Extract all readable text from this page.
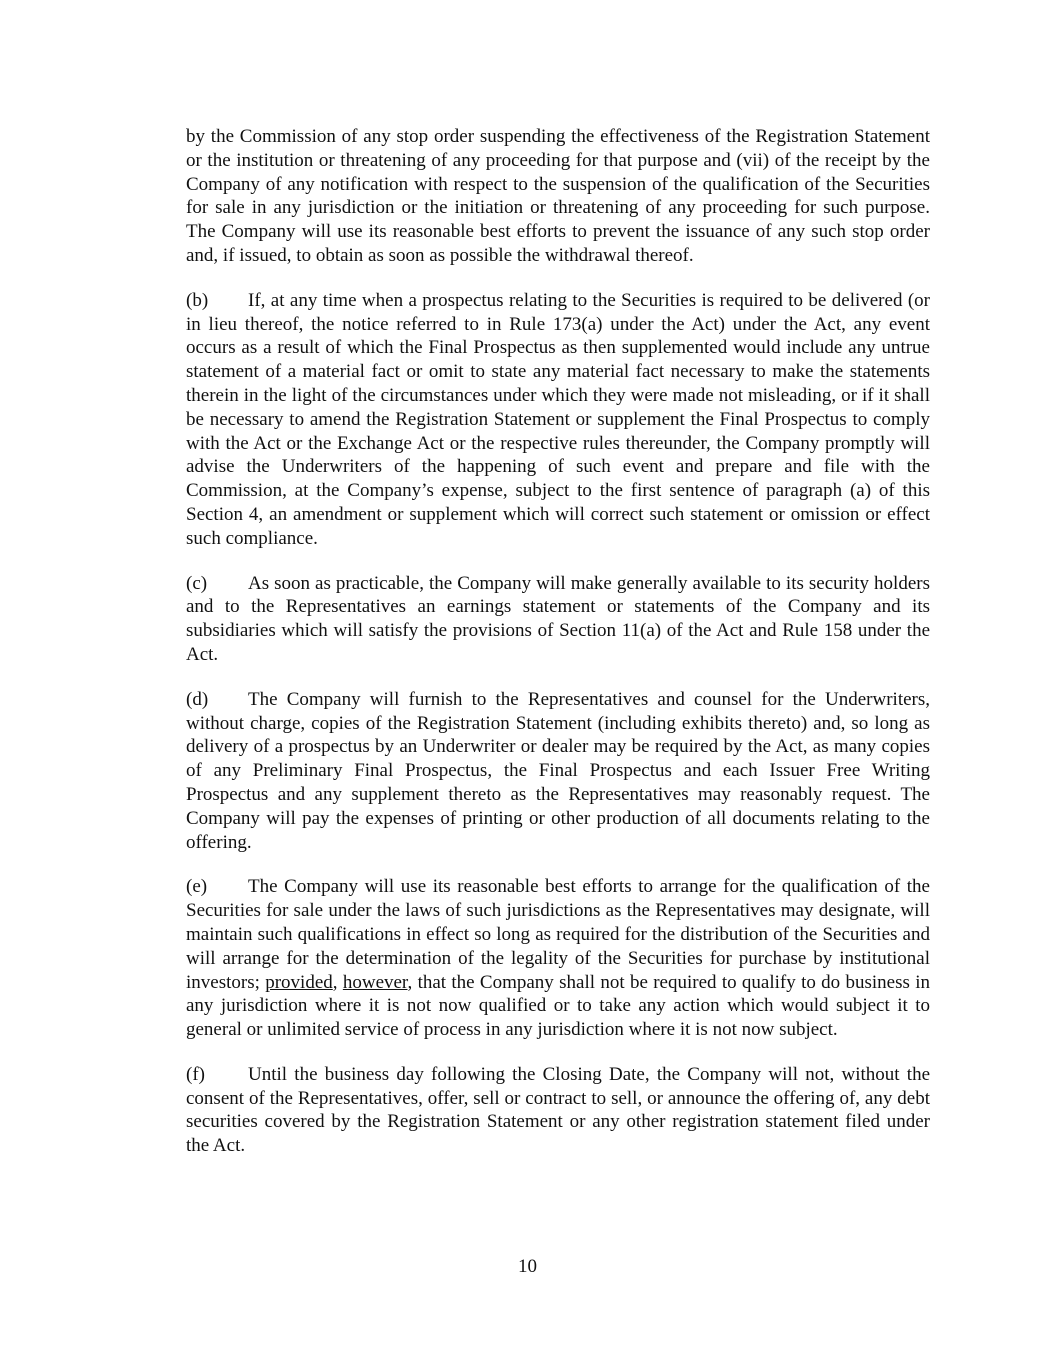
by the Commission of any stop order suspending the effectiveness of the Registration Statement or the institution or threatening of any proceeding for that purpose and (vii) of the receipt by the Company of any notification with respect to the suspension of the qualification of the Securities for sale in any jurisdiction or the initiation or threatening of any proceeding for such purpose. The Company will use its reasonable best efforts to prevent the issuance of any such stop order and, if issued, to obtain as soon as possible the withdrawal thereof.

(b) If, at any time when a prospectus relating to the Securities is required to be delivered (or in lieu thereof, the notice referred to in Rule 173(a) under the Act) under the Act, any event occurs as a result of which the Final Prospectus as then supplemented would include any untrue statement of a material fact or omit to state any material fact necessary to make the statements therein in the light of the circumstances under which they were made not misleading, or if it shall be necessary to amend the Registration Statement or supplement the Final Prospectus to comply with the Act or the Exchange Act or the respective rules thereunder, the Company promptly will advise the Underwriters of the happening of such event and prepare and file with the Commission, at the Company’s expense, subject to the first sentence of paragraph (a) of this Section 4, an amendment or supplement which will correct such statement or omission or effect such compliance.

(c) As soon as practicable, the Company will make generally available to its security holders and to the Representatives an earnings statement or statements of the Company and its subsidiaries which will satisfy the provisions of Section 11(a) of the Act and Rule 158 under the Act.

(d) The Company will furnish to the Representatives and counsel for the Underwriters, without charge, copies of the Registration Statement (including exhibits thereto) and, so long as delivery of a prospectus by an Underwriter or dealer may be required by the Act, as many copies of any Preliminary Final Prospectus, the Final Prospectus and each Issuer Free Writing Prospectus and any supplement thereto as the Representatives may reasonably request. The Company will pay the expenses of printing or other production of all documents relating to the offering.

(e) The Company will use its reasonable best efforts to arrange for the qualification of the Securities for sale under the laws of such jurisdictions as the Representatives may designate, will maintain such qualifications in effect so long as required for the distribution of the Securities and will arrange for the determination of the legality of the Securities for purchase by institutional investors; provided, however, that the Company shall not be required to qualify to do business in any jurisdiction where it is not now qualified or to take any action which would subject it to general or unlimited service of process in any jurisdiction where it is not now subject.

(f) Until the business day following the Closing Date, the Company will not, without the consent of the Representatives, offer, sell or contract to sell, or announce the offering of, any debt securities covered by the Registration Statement or any other registration statement filed under the Act.

10
